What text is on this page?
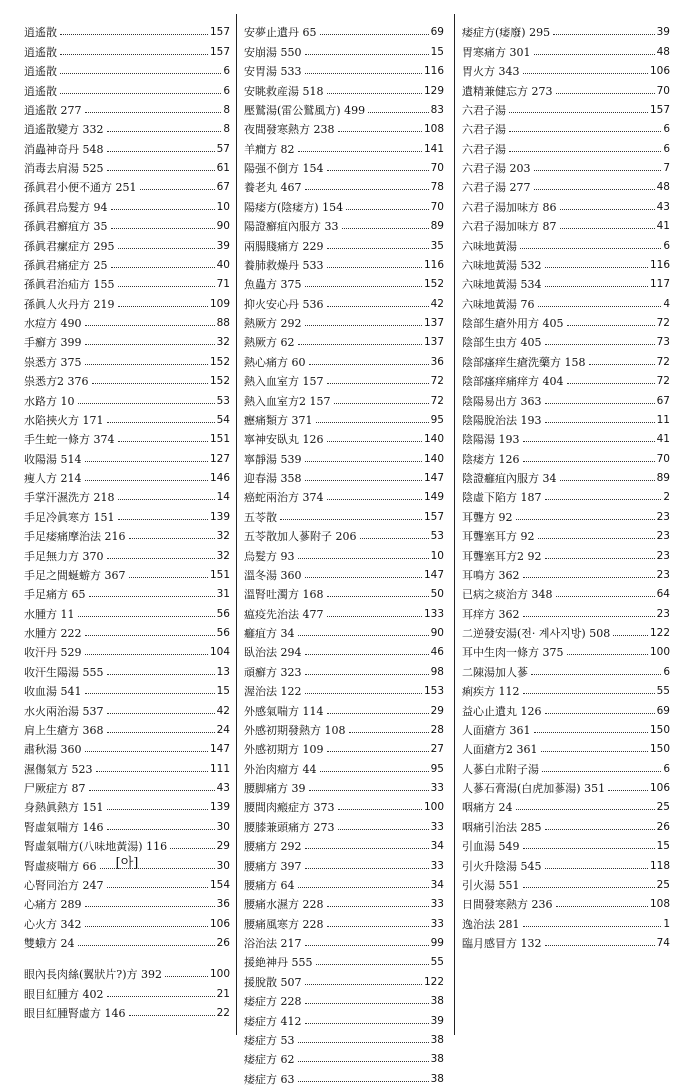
逍遙散	157
逍遙散	157
逍遙散	6
逍遙散	6
逍遙散 277	8
逍遙散變方 332	8
消蟲神奇丹 548	57
消毒去肩湯 525	61
孫眞君小便不通方 251	67
孫眞君烏髮方 94	10
孫眞君癬疽方 35	90
孫眞君瘰症方 295	39
孫眞君痛症方 25	40
孫眞君治疝方 155	71
孫眞人火丹方 219	109
水痘方 490	88
手癬方 399	32
祟悉方 375	152
祟悉方2 376	152
水路方 10	53
水陷挾火方 171	54
手生蛇一條方 374	151
收陽湯 514	127
痩人方 214	146
手掌汗濕洗方 218	14
手足冷眞寒方 151	139
手足痿痛摩治法 216	32
手足無力方 370	32
手足之間蜒蝣方 367	151
手足痛方 65	31
水腫方 11	56
水腫方 222	56
收汗丹 529	104
收汗生陽湯 555	13
收血湯 541	15
水火兩治湯 537	42
肩上生瘡方 368	24
肅秋湯 360	147
濕傷氣方 523	111
尸厥症方 87	43
身熱眞熱方 151	139
腎虛氣喘方 146	30
腎虛氣喘方(八味地黃湯) 116	29
腎虛痰喘方 66	30
心腎同治方 247	154
心痛方 289	36
心火方 342	106
雙蛾方 24	26
安夢止遺丹 65	69
安崩湯 550	15
安胃湯 533	116
安眺救産湯 518	129
壓鷲湯(雷公鷲風方) 499	83
夜間發寒熱方 238	108
羊癎方 82	141
陽强不倒方 154	70
養老丸 467	78
陽痿方(陰痿方) 154	70
陽證癬疽內服方 33	89
兩腸賤痛方 229	35
養肺救燥丹 533	116
魚蟲方 375	152
抑火安心丹 536	42
熱厥方 292	137
熱厥方 62	137
熱心痛方 60	36
熱入血室方 157	72
熱入血室方2 157	72
癧痛類方 371	95
寧神安臥丸 126	140
寧靜湯 539	140
迎春湯 358	147
癌蛇兩治方 374	149
五苓散	157
五苓散加人蔘附子 206	53
烏髮方 93	10
溫冬湯 360	147
溫腎吐濁方 168	50
瘟疫先治法 477	133
癰疽方 34	90
臥治法 294	46
頑癬方 323	98
渥治法 122	153
外感氣喘方 114	29
外感初期發熱方 108	28
外感初期方 109	27
外治肉瘤方 44	95
腰脚痛方 39	33
腰間肉瘢症方 373	100
腰膝兼頭痛方 273	33
腰痛方 292	34
腰痛方 397	33
腰痛方 64	34
腰痛水濕方 228	33
腰痛風寒方 228	33
浴治法 217	99
援絶神丹 555	55
援脫散 507	122
痿症方 228	38
痿症方 412	39
痿症方 53	38
痿症方 62	38
痿症方 63	38
痿症方(痿廢) 295	39
胃寒痛方 301	48
胃火方 343	106
遺精兼健忘方 273	70
六君子湯	157
六君子湯	6
六君子湯	6
六君子湯 203	7
六君子湯 277	48
六君子湯加味方 86	43
六君子湯加味方 87	41
六味地黃湯	6
六味地黃湯 532	116
六味地黃湯 534	117
六味地黃湯 76	4
陰部生瘡外用方 405	72
陰部生虫方 405	73
陰部瘙痒生瘡洗藥方 158	72
陰部瘙痒痛痒方 404	72
陰陽易出方 363	67
陰陽脫治法 193	11
陰陽湯 193	41
陰痿方 126	70
陰證癰疽內服方 34	89
陰虛下陷方 187	2
耳聾方 92	23
耳聾塞耳方 92	23
耳聾塞耳方2 92	23
耳鳴方 362	23
已病之痰治方 348	64
耳痒方 362	23
二逆發安湯(전· 계사지방) 508	122
耳中生肉一條方 375	100
二陳湯加人蔘	6
痢疾方 112	55
益心止遺丸 126	69
人面瘡方 361	150
人面瘡方2 361	150
人蔘白朮附子湯	6
人蔘石膏湯(白虎加蔘湯) 351	106
咽痛方 24	25
咽痛引治法 285	26
引血湯 549	15
引火升陰湯 545	118
引火湯 551	25
日間發寒熱方 236	108
逸治法 281	1
臨月感冒方 132	74
[아]
眼內長肉絲(翼狀片?)方 392	100
眼目紅腫方 402	21
眼目紅腫腎虛方 146	22
